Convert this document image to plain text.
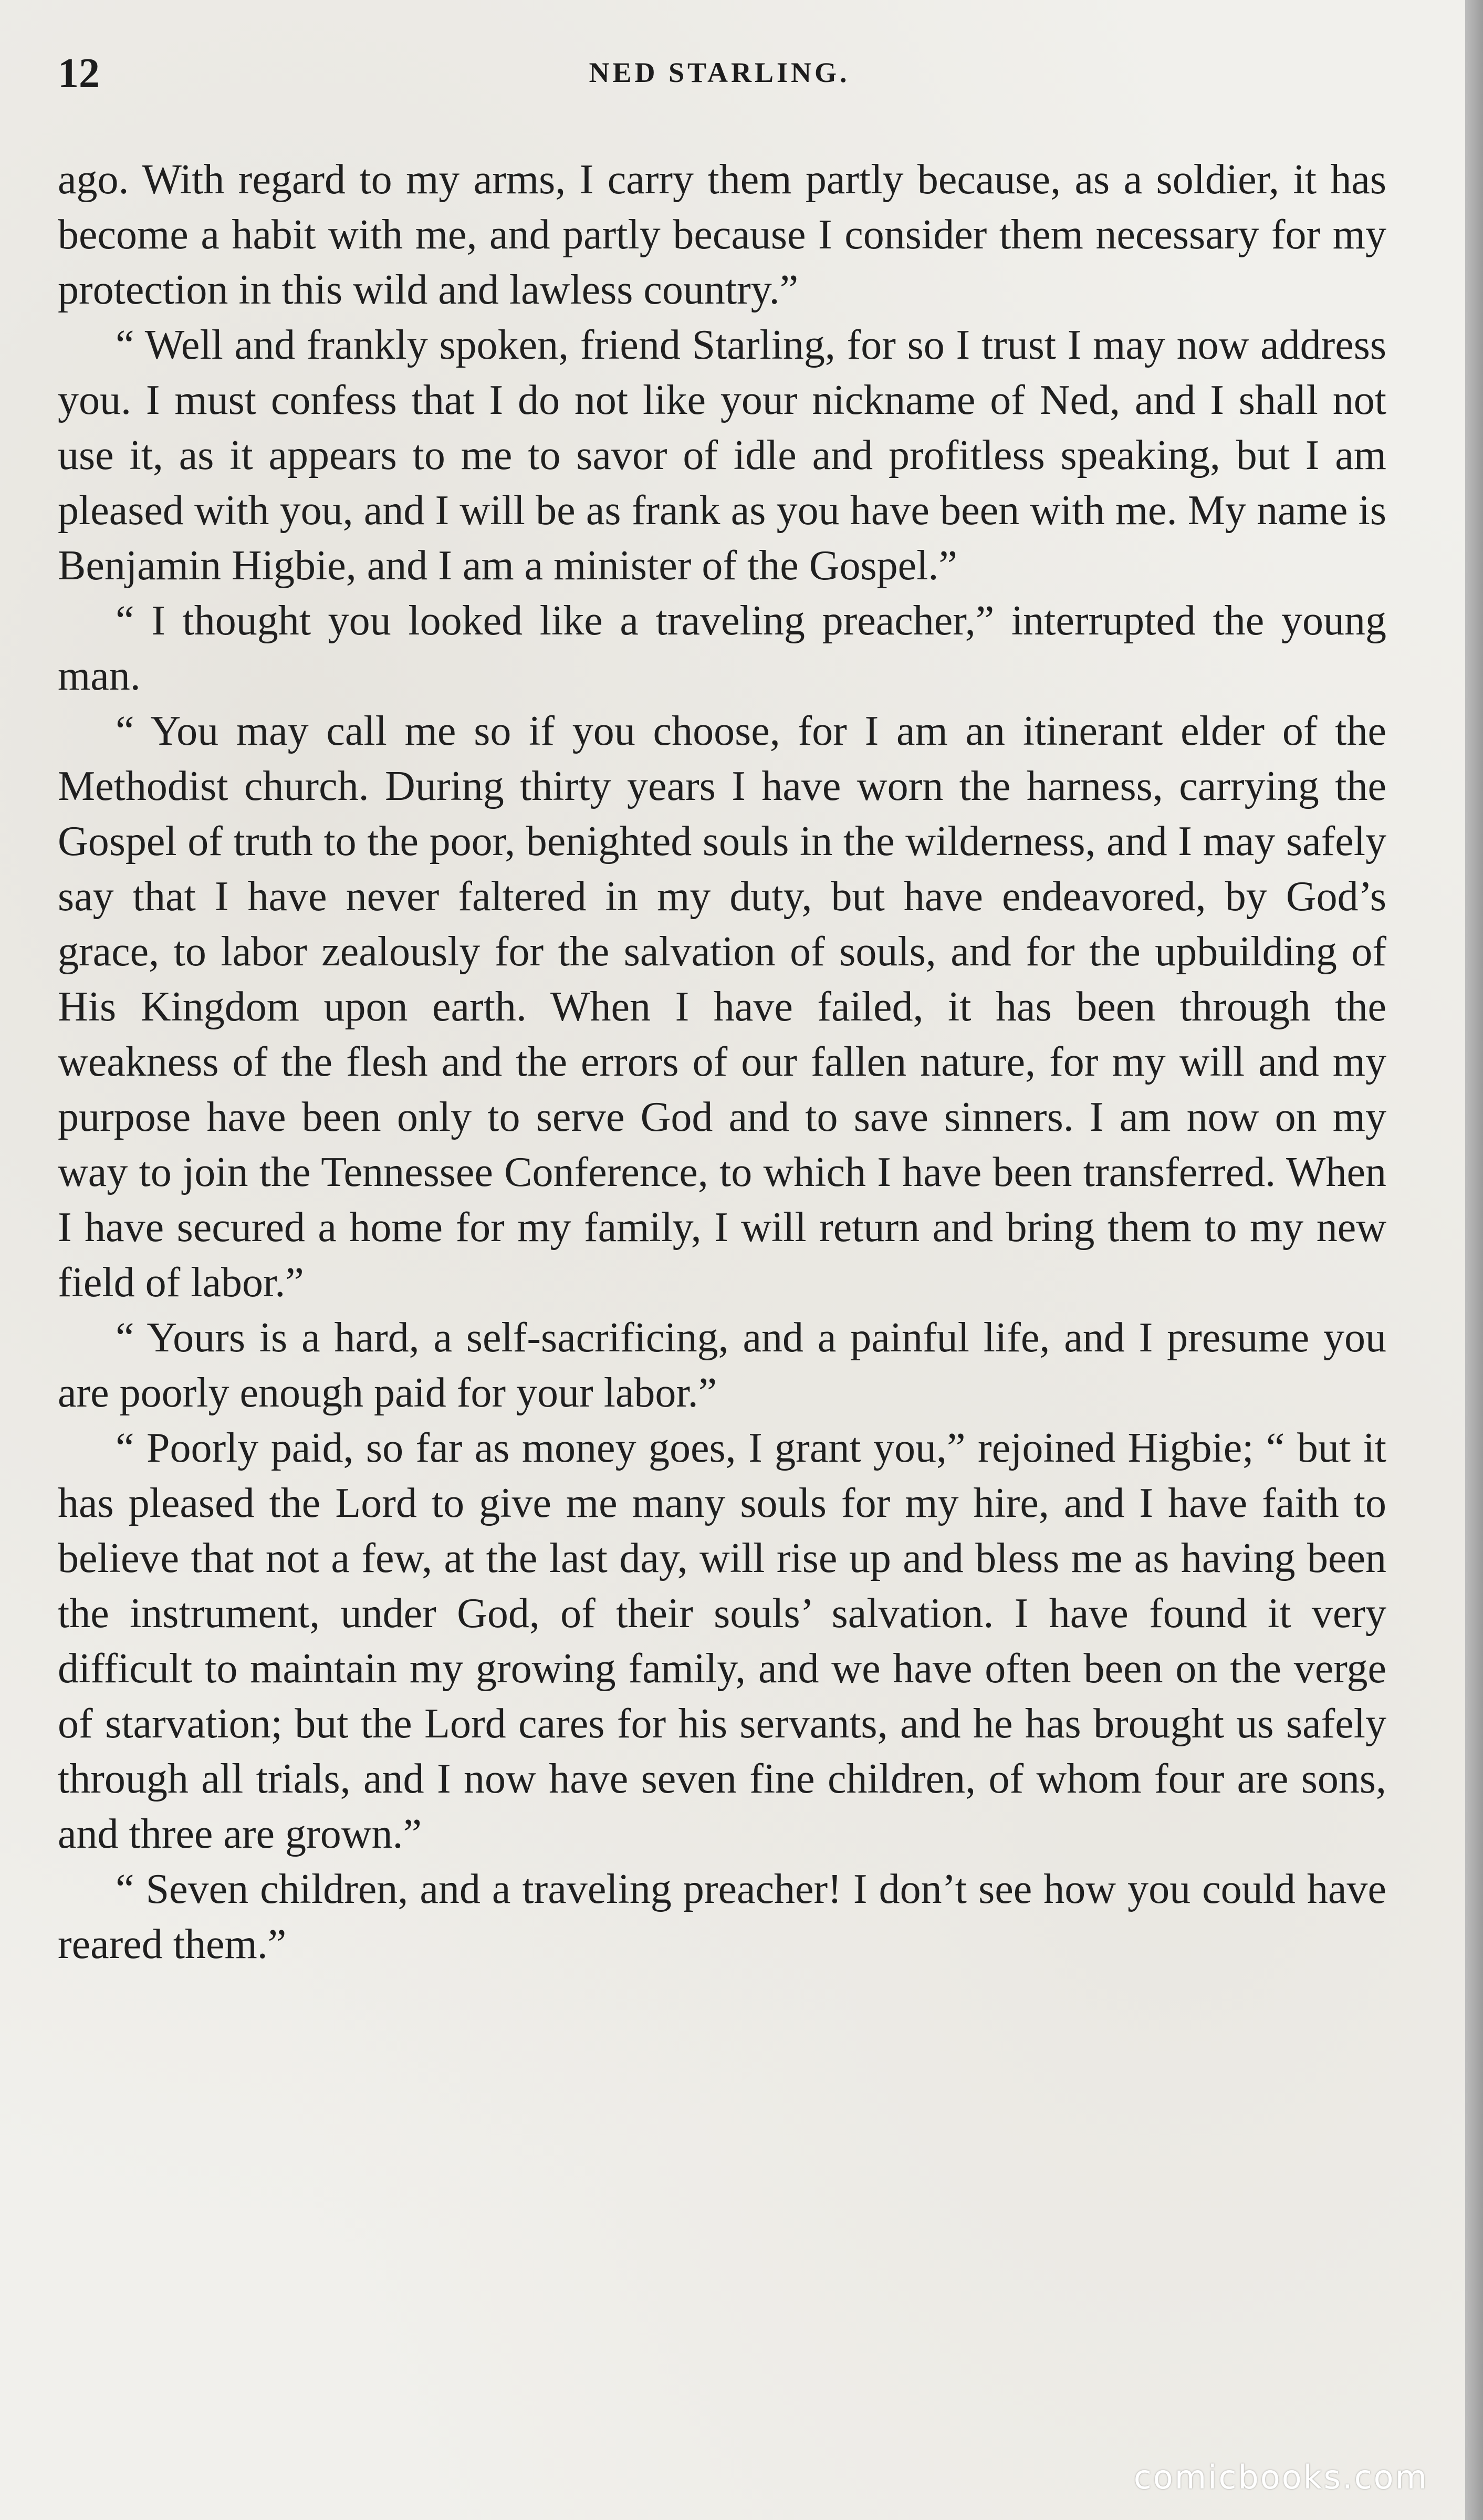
12	NED STARLING.

ago. With regard to my arms, I carry them partly because, as a soldier, it has become a habit with me, and partly because I consider them necessary for my protection in this wild and lawless country.”

“ Well and frankly spoken, friend Starling, for so I trust I may now address you. I must confess that I do not like your nickname of Ned, and I shall not use it, as it appears to me to savor of idle and profitless speaking, but I am pleased with you, and I will be as frank as you have been with me. My name is Benjamin Higbie, and I am a minister of the Gospel.”

“ I thought you looked like a traveling preacher,” interrupted the young man.

“ You may call me so if you choose, for I am an itinerant elder of the Methodist church. During thirty years I have worn the harness, carrying the Gospel of truth to the poor, benighted souls in the wilderness, and I may safely say that I have never faltered in my duty, but have endeavored, by God’s grace, to labor zealously for the salvation of souls, and for the upbuilding of His Kingdom upon earth. When I have failed, it has been through the weakness of the flesh and the errors of our fallen nature, for my will and my purpose have been only to serve God and to save sinners. I am now on my way to join the Tennessee Conference, to which I have been transferred. When I have secured a home for my family, I will return and bring them to my new field of labor.”

“ Yours is a hard, a self-sacrificing, and a painful life, and I presume you are poorly enough paid for your labor.”

“ Poorly paid, so far as money goes, I grant you,” rejoined Higbie; “ but it has pleased the Lord to give me many souls for my hire, and I have faith to believe that not a few, at the last day, will rise up and bless me as having been the instrument, under God, of their souls’ salvation. I have found it very difficult to maintain my growing family, and we have often been on the verge of starvation; but the Lord cares for his servants, and he has brought us safely through all trials, and I now have seven fine children, of whom four are sons, and three are grown.”

“ Seven children, and a traveling preacher! I don’t see how you could have reared them.”

comicbooks.com
